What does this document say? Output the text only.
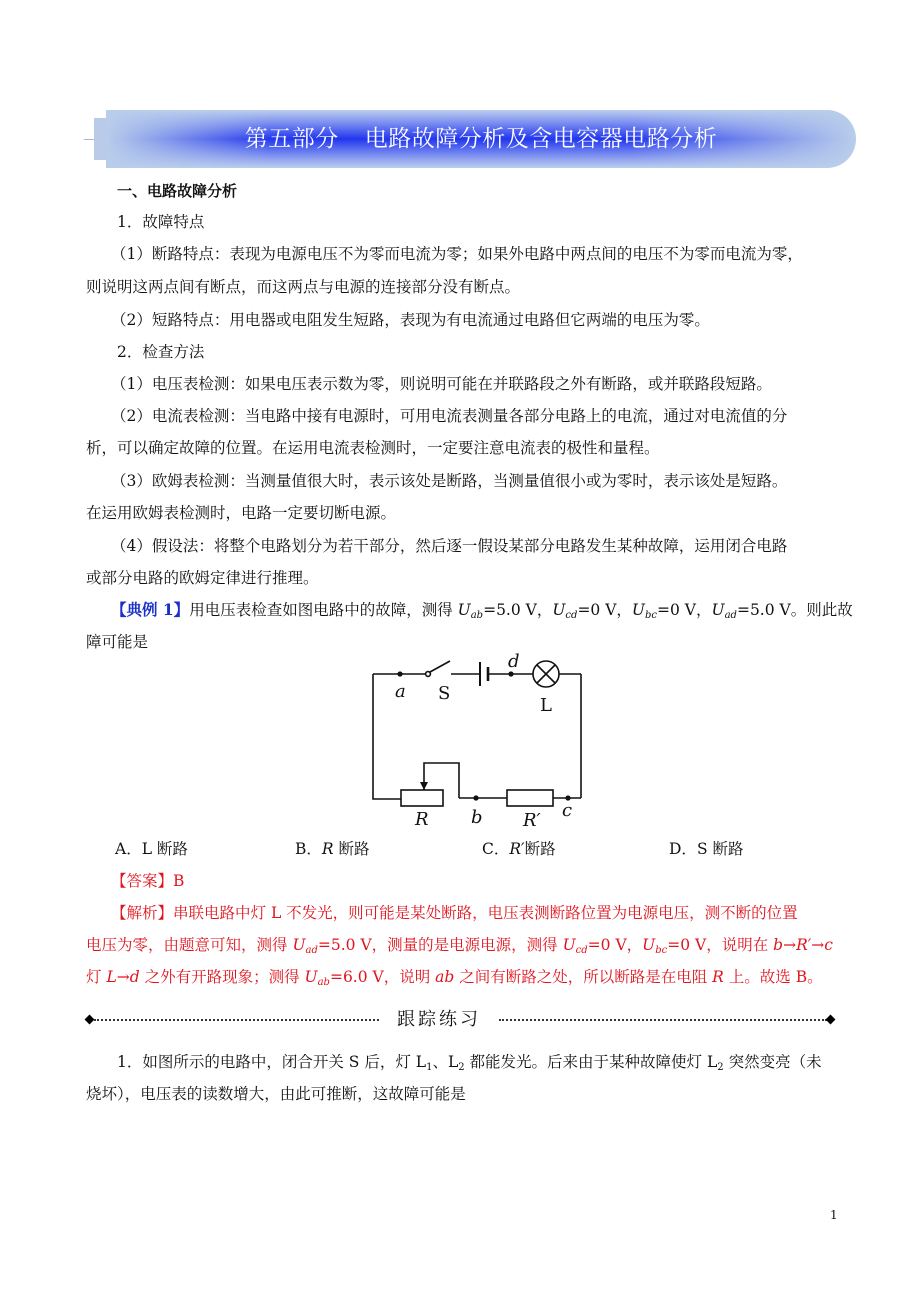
第五部分 电路故障分析及含电容器电路分析
一、电路故障分析
1．故障特点
（1）断路特点：表现为电源电压不为零而电流为零；如果外电路中两点间的电压不为零而电流为零，
则说明这两点间有断点，而这两点与电源的连接部分没有断点。
（2）短路特点：用电器或电阻发生短路，表现为有电流通过电路但它两端的电压为零。
2．检查方法
（1）电压表检测：如果电压表示数为零，则说明可能在并联路段之外有断路，或并联路段短路。
（2）电流表检测：当电路中接有电源时，可用电流表测量各部分电路上的电流，通过对电流值的分
析，可以确定故障的位置。在运用电流表检测时，一定要注意电流表的极性和量程。
（3）欧姆表检测：当测量值很大时，表示该处是断路，当测量值很小或为零时，表示该处是短路。
在运用欧姆表检测时，电路一定要切断电源。
（4）假设法：将整个电路划分为若干部分，然后逐一假设某部分电路发生某种故障，运用闭合电路
或部分电路的欧姆定律进行推理。
【典例 1】用电压表检查如图电路中的故障，测得 $U_{ab}=5.0$ V，$U_{cd}=0$ V，$U_{bc}=0$ V，$U_{ad}=5.0$ V。则此故
障可能是
a S
d
L
R b R′ c
A．L 断路	B．R 断路	C．R′断路	D．S 断路
【答案】B
【解析】串联电路中灯 L 不发光，则可能是某处断路，电压表测断路位置为电源电压，测不断的位置
电压为零，由题意可知，测得 $U_{ad}=5.0$ V，测量的是电源电源，测得 $U_{cd}=0$ V，$U_{bc}=0$ V，说明在 b→R′→c
灯 L→d 之外有开路现象；测得 $U_{ab}=6.0$ V，说明 ab 之间有断路之处，所以断路是在电阻 R 上。故选 B。
跟踪练习
1．如图所示的电路中，闭合开关 S 后，灯 $L_1$、$L_2$ 都能发光。后来由于某种故障使灯 $L_2$ 突然变亮（未
烧坏），电压表的读数增大，由此可推断，这故障可能是
1
